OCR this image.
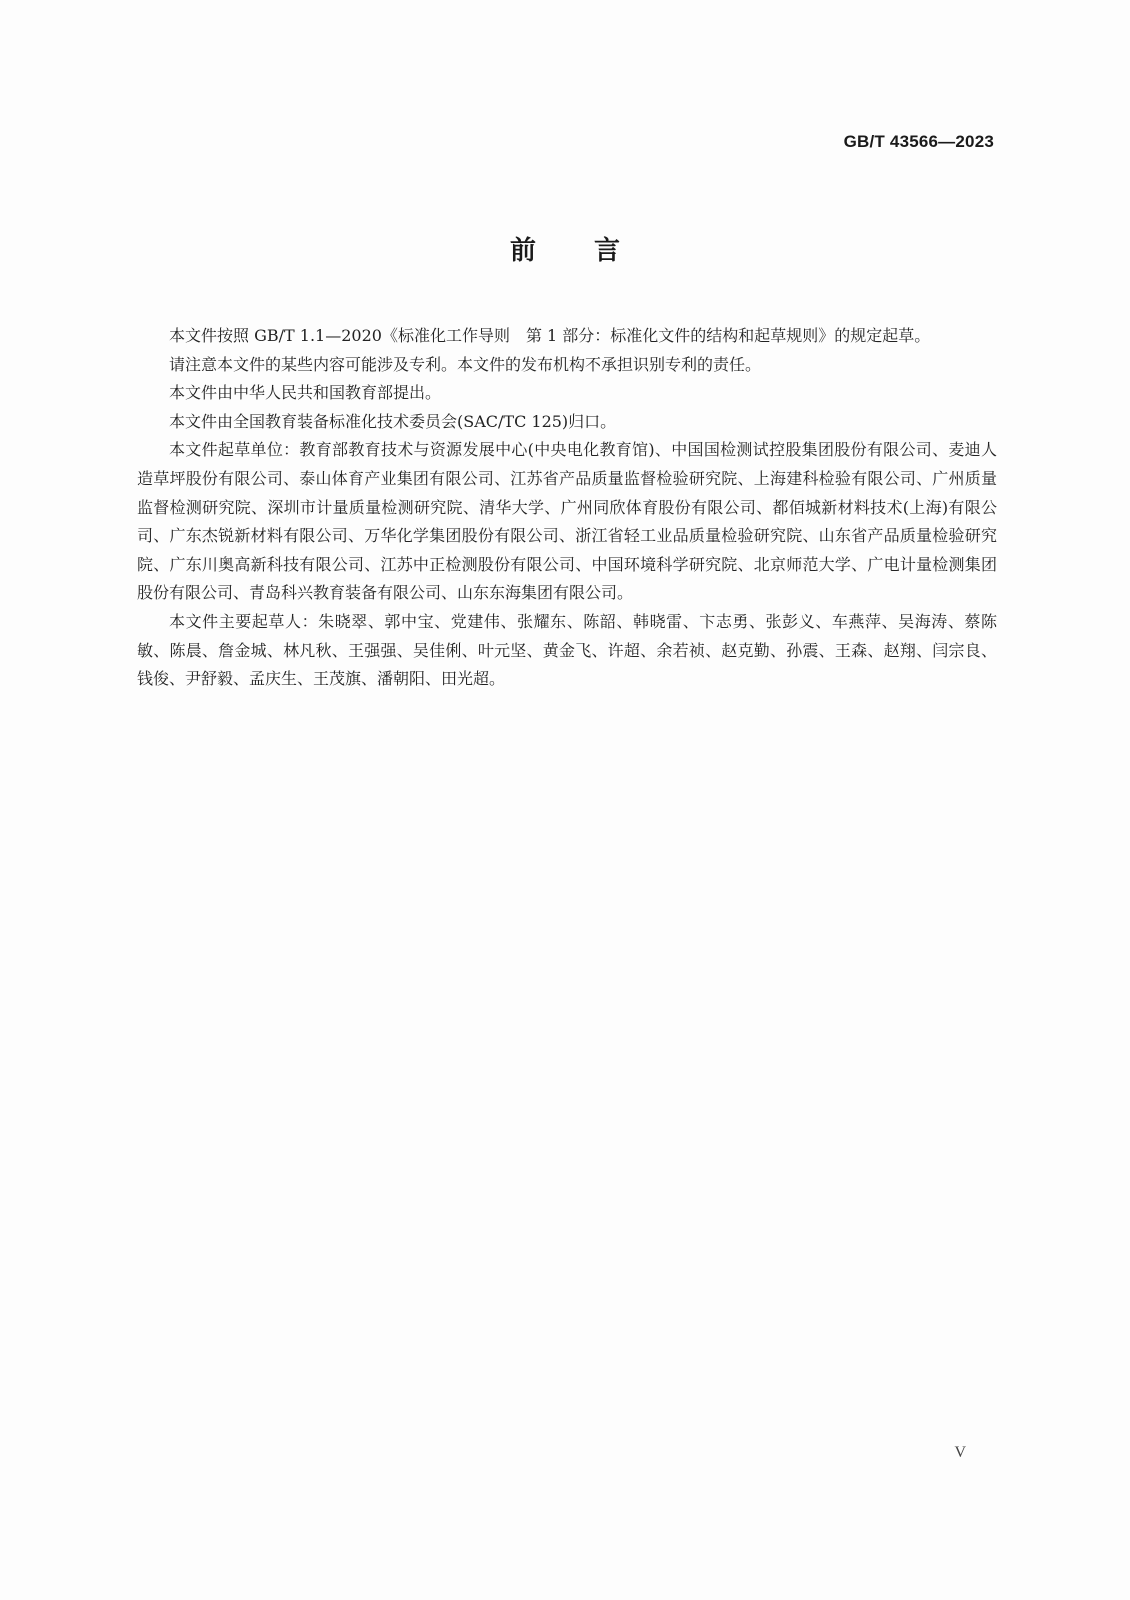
GB/T 43566—2023
前言

本文件按照 GB/T 1.1—2020《标准化工作导则　第 1 部分：标准化文件的结构和起草规则》的规定起草。

请注意本文件的某些内容可能涉及专利。本文件的发布机构不承担识别专利的责任。

本文件由中华人民共和国教育部提出。

本文件由全国教育装备标准化技术委员会(SAC/TC 125)归口。

本文件起草单位：教育部教育技术与资源发展中心(中央电化教育馆)、中国国检测试控股集团股份有限公司、麦迪人造草坪股份有限公司、泰山体育产业集团有限公司、江苏省产品质量监督检验研究院、上海建科检验有限公司、广州质量监督检测研究院、深圳市计量质量检测研究院、清华大学、广州同欣体育股份有限公司、都佰城新材料技术(上海)有限公司、广东杰锐新材料有限公司、万华化学集团股份有限公司、浙江省轻工业品质量检验研究院、山东省产品质量检验研究院、广东川奥高新科技有限公司、江苏中正检测股份有限公司、中国环境科学研究院、北京师范大学、广电计量检测集团股份有限公司、青岛科兴教育装备有限公司、山东东海集团有限公司。

本文件主要起草人：朱晓翠、郭中宝、党建伟、张耀东、陈韶、韩晓雷、卞志勇、张彭义、车燕萍、吴海涛、蔡陈敏、陈晨、詹金城、林凡秋、王强强、吴佳俐、叶元坚、黄金飞、许超、余若祯、赵克勤、孙震、王森、赵翔、闫宗良、钱俊、尹舒毅、孟庆生、王茂旗、潘朝阳、田光超。

V
